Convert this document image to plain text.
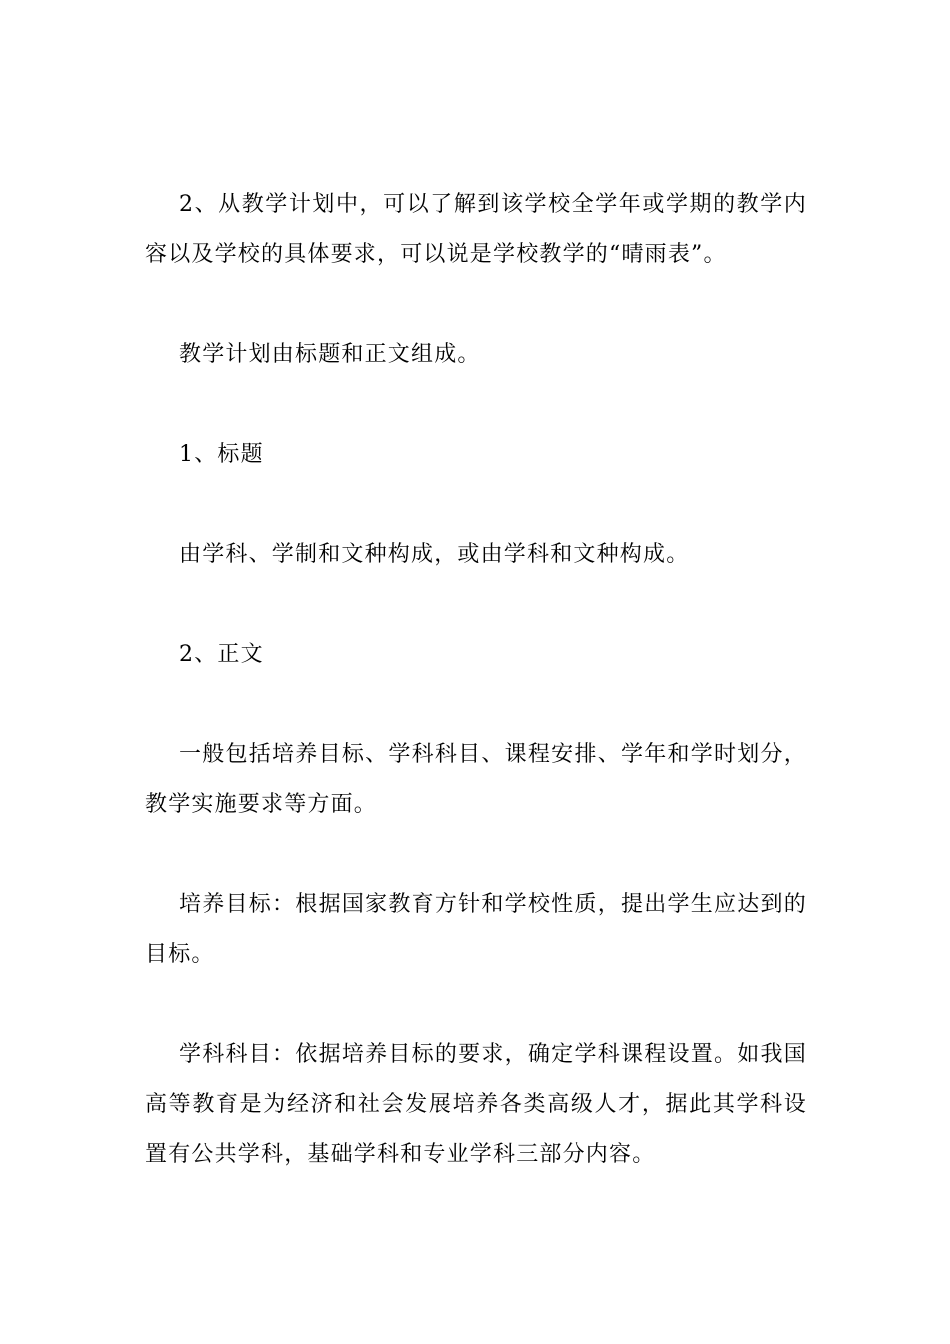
2、从教学计划中，可以了解到该学校全学年或学期的教学内容以及学校的具体要求，可以说是学校教学的“晴雨表”。

教学计划由标题和正文组成。

1、标题

由学科、学制和文种构成，或由学科和文种构成。

2、正文

一般包括培养目标、学科科目、课程安排、学年和学时划分，教学实施要求等方面。

培养目标：根据国家教育方针和学校性质，提出学生应达到的目标。

学科科目：依据培养目标的要求，确定学科课程设置。如我国高等教育是为经济和社会发展培养各类高级人才，据此其学科设置有公共学科，基础学科和专业学科三部分内容。
